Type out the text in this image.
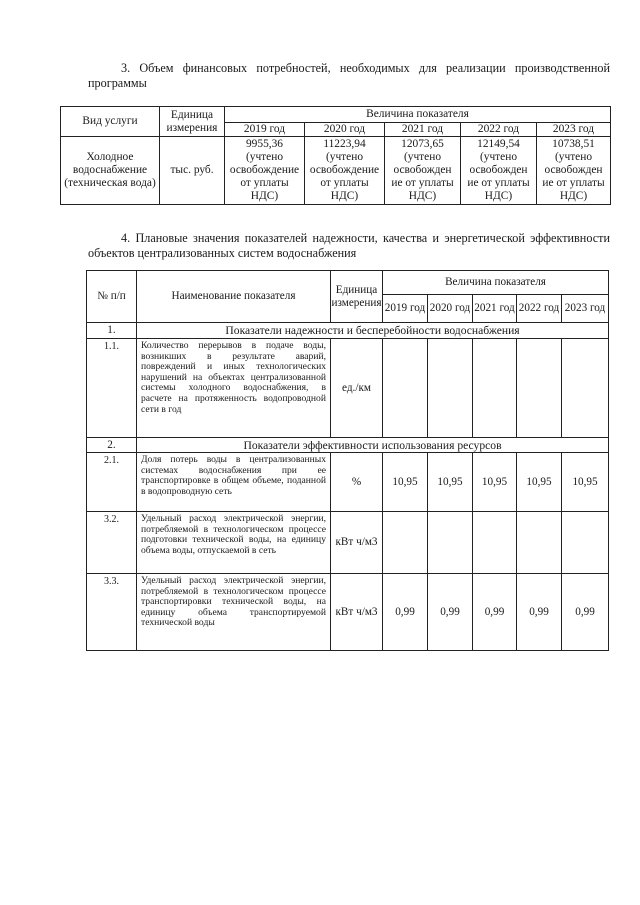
3. Объем финансовых потребностей, необходимых для реализации производственной программы
Вид услуги	Единица измерения	Величина показателя				
		2019 год	2020 год	2021 год	2022 год	2023 год
Холодное водоснабжение (техническая вода)	тыс. руб.	9955,36
(учтено
освобождение
от уплаты
НДС)	11223,94
(учтено
освобождение
от уплаты
НДС)	12073,65
(учтено
освобожден
ие от уплаты
НДС)	12149,54
(учтено
освобожден
ие от уплаты
НДС)	10738,51
(учтено
освобожден
ие от уплаты
НДС)
4. Плановые значения показателей надежности, качества и энергетической эффективности объектов централизованных систем водоснабжения
№ п/п	Наименование показателя	Единица измерения	Величина показателя				
			2019 год	2020 год	2021 год	2022 год	2023 год
1.	Показатели надежности и бесперебойности водоснабжения						
1.1.	Количество перерывов в подаче воды, возникших в результате аварий, повреждений и иных технологических нарушений на объектах централизованной системы холодного водоснабжения, в расчете на протяженность водопроводной сети в год	ед./км					
2.	Показатели эффективности использования ресурсов						
2.1.	Доля потерь воды в централизованных системах водоснабжения при ее транспортировке в общем объеме, поданной в водопроводную сеть	%	10,95	10,95	10,95	10,95	10,95
3.2.	Удельный расход электрической энергии, потребляемой в технологическом процессе подготовки технической воды, на единицу объема воды, отпускаемой в сеть	кВт ч/м3					
3.3.	Удельный расход электрической энергии, потребляемой в технологическом процессе транспортировки технической воды, на единицу объема транспортируемой технической воды	кВт ч/м3	0,99	0,99	0,99	0,99	0,99
